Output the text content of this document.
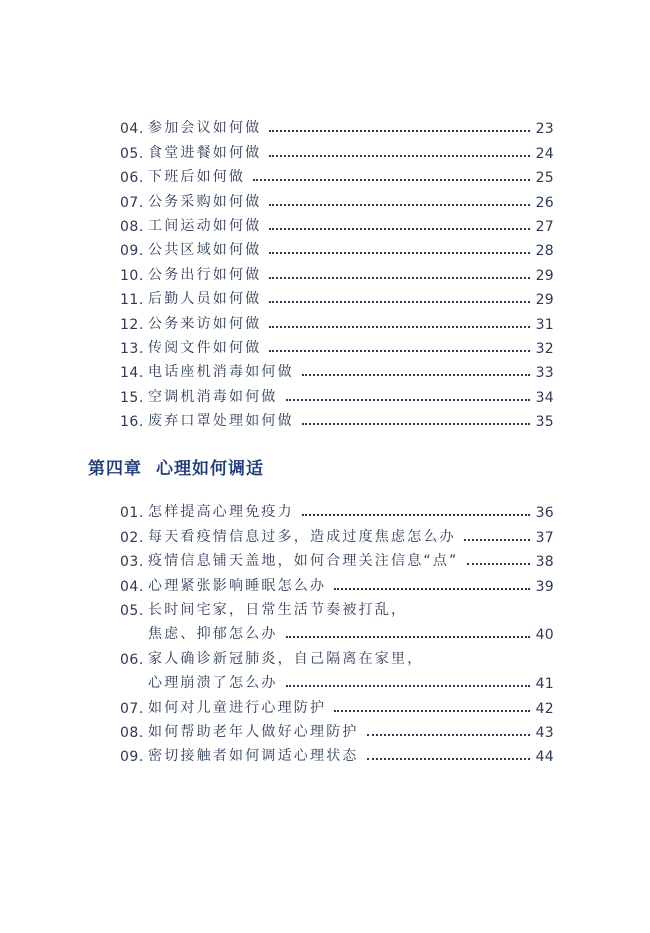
04. 参加会议如何做	23
05. 食堂进餐如何做	24
06. 下班后如何做	25
07. 公务采购如何做	26
08. 工间运动如何做	27
09. 公共区域如何做	28
10. 公务出行如何做	29
11. 后勤人员如何做	29
12. 公务来访如何做	31
13. 传阅文件如何做	32
14. 电话座机消毒如何做	33
15. 空调机消毒如何做	34
16. 废弃口罩处理如何做	35
第四章 心理如何调适
01. 怎样提高心理免疫力	36
02. 每天看疫情信息过多，造成过度焦虑怎么办	37
03. 疫情信息铺天盖地，如何合理关注信息“点”	38
04. 心理紧张影响睡眠怎么办	39
05. 长时间宅家，日常生活节奏被打乱，
焦虑、抑郁怎么办	40
06. 家人确诊新冠肺炎，自己隔离在家里，
心理崩溃了怎么办	41
07. 如何对儿童进行心理防护	42
08. 如何帮助老年人做好心理防护	43
09. 密切接触者如何调适心理状态	44
